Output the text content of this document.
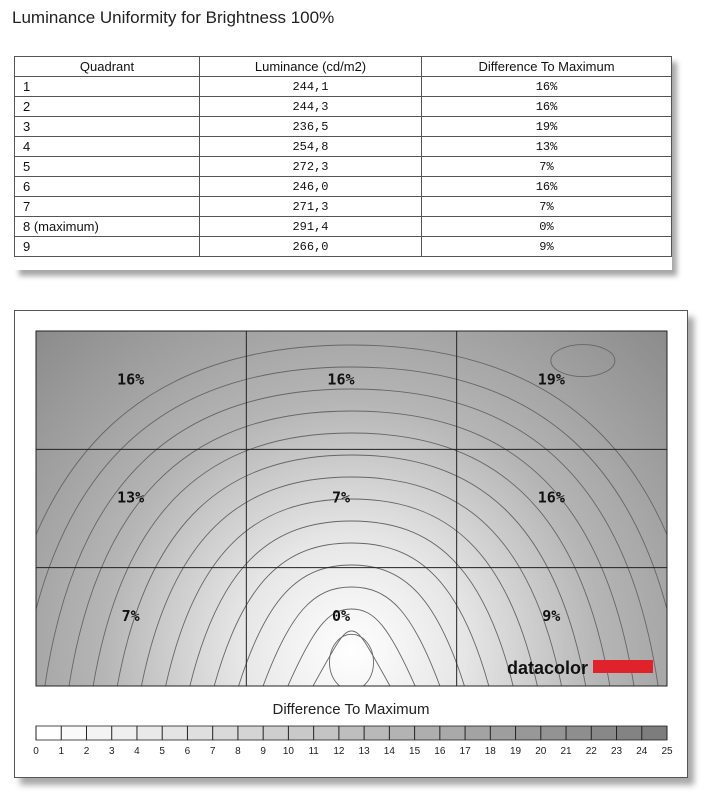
Luminance Uniformity for Brightness 100%
Quadrant	Luminance (cd/m2)	Difference To Maximum
1	244,1	16%
2	244,3	16%
3	236,5	19%
4	254,8	13%
5	272,3	7%
6	246,0	16%
7	271,3	7%
8 (maximum)	291,4	0%
9	266,0	9%
16%	16%	19%
13%	7%	16%
7%	0%	9%
datacolor
0 1 2 3 4 5 6 7 8 9 10 11 12 13 14 15 16 17 18 19 20 21 22 23 24 25
Difference To Maximum
